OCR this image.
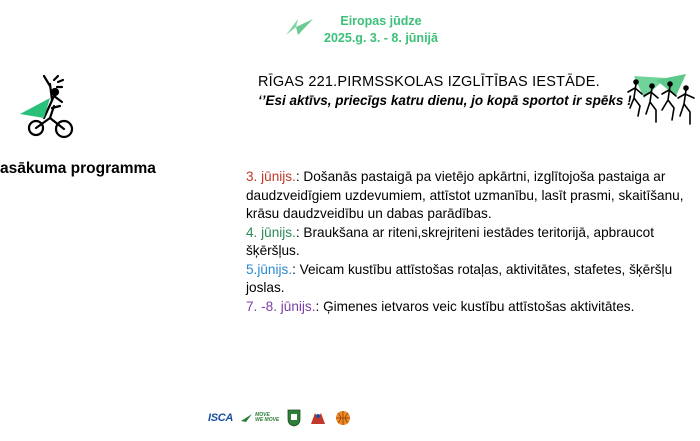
Eiropas jūdze
2025.g. 3. - 8. jūnijā
RĪGAS 221.PIRMSSKOLAS IZGLĪTĪBAS IESTĀDE.
‘’Esi aktīvs, priecīgs katru dienu, jo kopā sportot ir spēks !
asākuma programma	3. jūnijs.: Došanās pastaigā pa vietējo apkārtni, izglītojoša pastaiga ar

daudzveidīgiem uzdevumiem, attīstot uzmanību, lasīt prasmi, skaitīšanu,

krāsu daudzveidību un dabas parādības.

4. jūnijs.: Braukšana ar riteni,skrejriteni iestādes teritorijā, apbraucot

šķēršļus.

5.jūnijs.: Veicam kustību attīstošas rotaļas, aktivitātes, stafetes, šķēršļu

joslas.

7. -8. jūnijs.: Ģimenes ietvaros veic kustību attīstošas aktivitātes.

ISCA	MOVE
WE MOVE
